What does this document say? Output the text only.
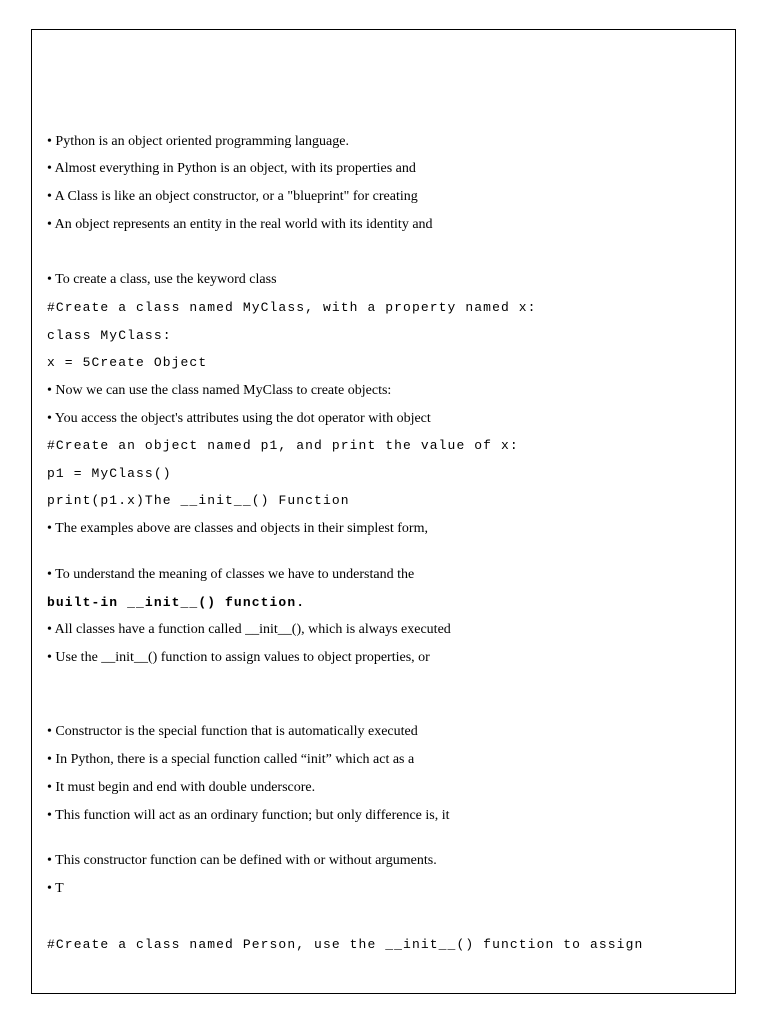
• Python is an object oriented programming language.
• Almost everything in Python is an object, with its properties and
• A Class is like an object constructor, or a "blueprint" for creating
• An object represents an entity in the real world with its identity and
• To create a class, use the keyword class
#Create a class named MyClass, with a property named x:
class MyClass:
x = 5Create Object
• Now we can use the class named MyClass to create objects:
• You access the object's attributes using the dot operator with object
#Create an object named p1, and print the value of x:
p1 = MyClass()
print(p1.x)The __init__() Function
• The examples above are classes and objects in their simplest form,
• To understand the meaning of classes we have to understand the
built-in __init__() function.
• All classes have a function called __init__(), which is always executed
• Use the __init__() function to assign values to object properties, or
• Constructor is the special function that is automatically executed
• In Python, there is a special function called “init” which act as a
• It must begin and end with double underscore.
• This function will act as an ordinary function; but only difference is, it
• This constructor function can be defined with or without arguments.
• T
#Create a class named Person, use the __init__() function to assign
